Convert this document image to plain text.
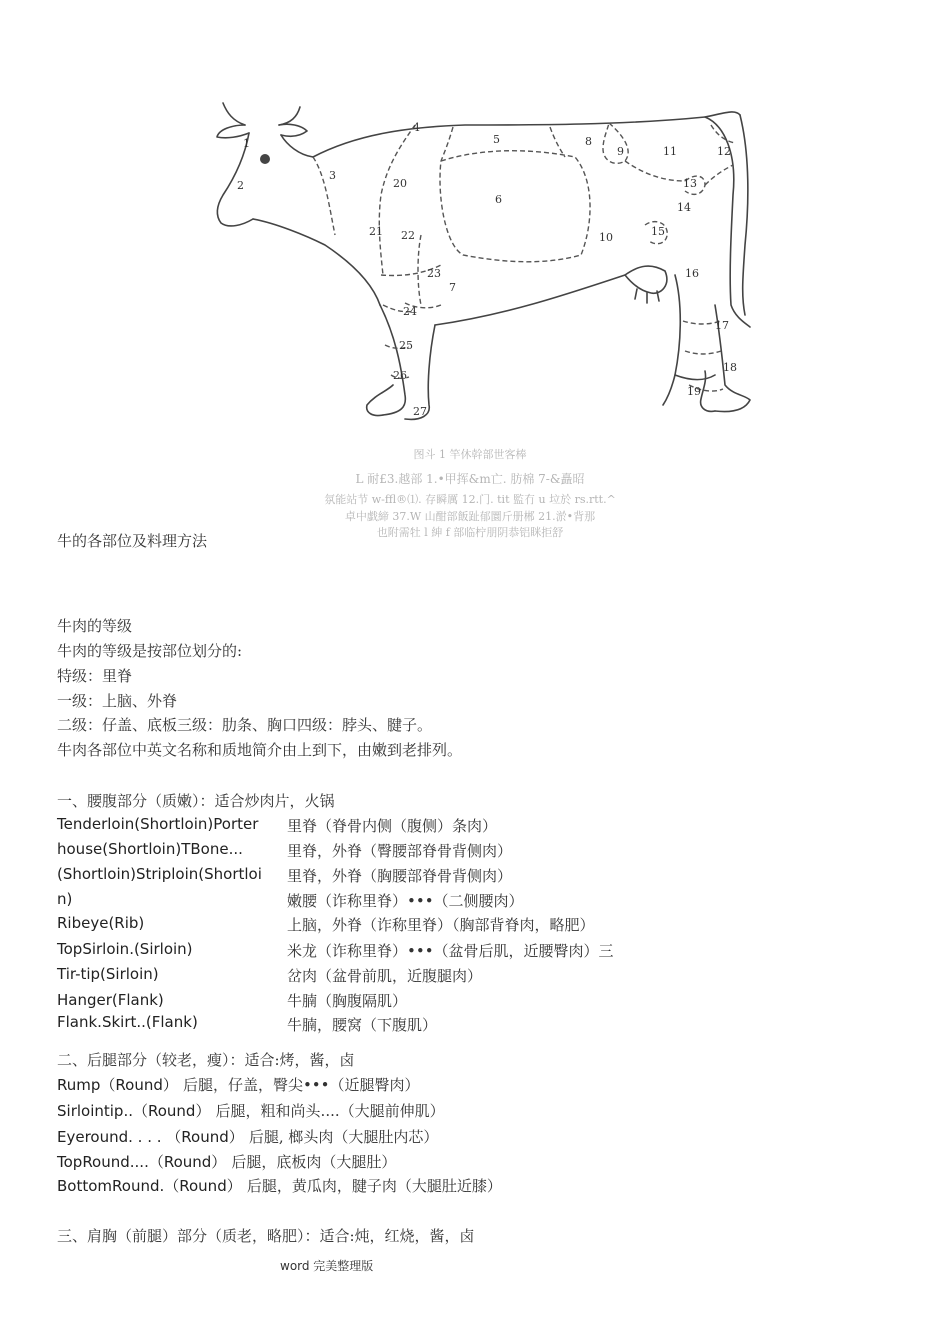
1
2
3
4
5
6
7
8
9
10
11	12
13
14
15
16
17
18
19
20
21 22
23
24
25
26
27
图斗 1 竿休幹部世客棒
L 耐£3.越部 1.•甲挥&m亡. 肪棉 7-&矗昭
氛能站节 w-ffl®⑴. 存瞬厲 12.门. tit 監冇 u 垃於 rs.rtt.^
卓中戯締 37.W 山酣部飯趾郁圜斤册郴 21.淤•背那
也附需牡 l 紳 f 部临柠朋阴恭铝眯拒舒
牛的各部位及料理方法
牛肉的等级
牛肉的等级是按部位划分的:
特级：里脊
一级：上脑、外脊
二级：仔盖、底板三级：肋条、胸口四级：脖头、腱子。
牛肉各部位中英文名称和质地简介由上到下，由嫩到老排列。
一、腰腹部分（质嫩）：适合炒肉片，火锅
Tenderloin(Shortloin)Porter 里脊（脊骨内侧（腹侧）条肉）
house(Shortloin)TBone...	里脊，外脊（臀腰部脊骨背侧肉）
(Shortloin)Striploin(Shortloi 里脊，外脊（胸腰部脊骨背侧肉）
n)	嫩腰（诈称里脊）•••（二侧腰肉）
Ribeye(Rib)	上脑，外脊（诈称里脊）（胸部背脊肉，略肥）
TopSirloin.(Sirloin)	米龙（诈称里脊）•••（盆骨后肌，近腰臀肉）三
Tir-tip(Sirloin)	岔肉（盆骨前肌，近腹腿肉）
Hanger(Flank)	牛腩（胸腹隔肌）
Flank.Skirt..(Flank)	牛腩，腰窝（下腹肌）
二、后腿部分（较老，瘦）：适合:烤，酱，卤
Rump（Round） 后腿，仔盖，臀尖•••（近腿臀肉）
Sirlointip..（Round） 后腿，粗和尚头....（大腿前伸肌）
Eyeround. . . . （Round） 后腿, 榔头肉（大腿肚内芯）
TopRound....（Round） 后腿，底板肉（大腿肚）
BottomRound.（Round） 后腿，黄瓜肉，腱子肉（大腿肚近膝）
三、肩胸（前腿）部分（质老，略肥）：适合:炖，红烧，酱，卤
word 完美整理版
